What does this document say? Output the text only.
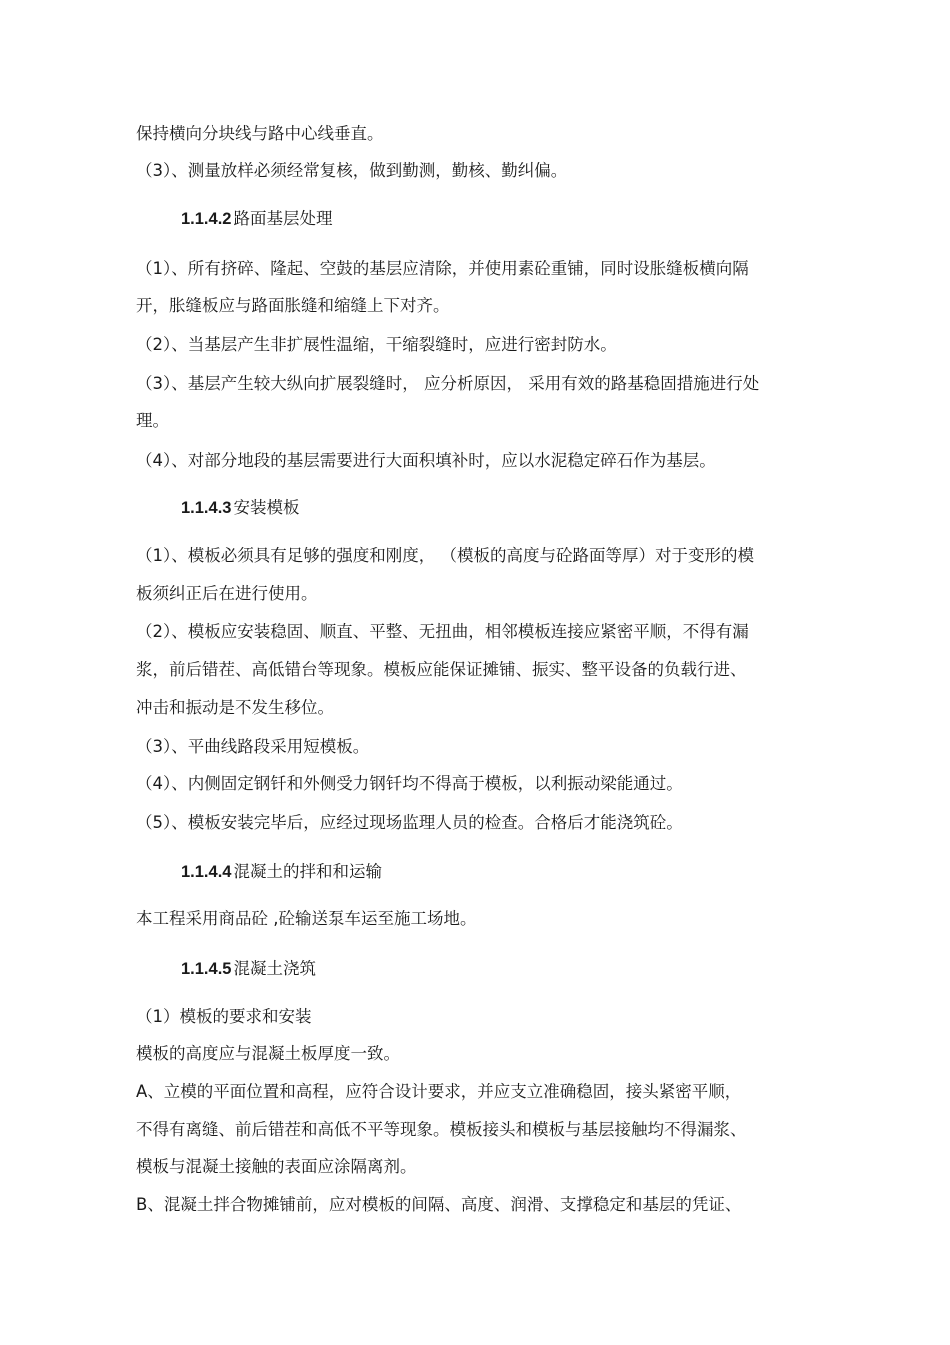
保持横向分块线与路中心线垂直。
（3）、测量放样必须经常复核，做到勤测，勤核、勤纠偏。
1.1.4.2 路面基层处理
（1）、所有挤碎、隆起、空鼓的基层应清除，并使用素砼重铺，同时设胀缝板横向隔
开，胀缝板应与路面胀缝和缩缝上下对齐。
（2）、当基层产生非扩展性温缩，干缩裂缝时，应进行密封防水。
（3）、基层产生较大纵向扩展裂缝时， 应分析原因， 采用有效的路基稳固措施进行处
理。
（4）、对部分地段的基层需要进行大面积填补时，应以水泥稳定碎石作为基层。
1.1.4.3 安装模板
（1）、模板必须具有足够的强度和刚度， （模板的高度与砼路面等厚）对于变形的模
板须纠正后在进行使用。
（2）、模板应安装稳固、顺直、平整、无扭曲，相邻模板连接应紧密平顺，不得有漏
浆，前后错茬、高低错台等现象。模板应能保证摊铺、振实、整平设备的负载行进、
冲击和振动是不发生移位。
（3）、平曲线路段采用短模板。
（4）、内侧固定钢钎和外侧受力钢钎均不得高于模板，以利振动梁能通过。
（5）、模板安装完毕后，应经过现场监理人员的检查。合格后才能浇筑砼。
1.1.4.4 混凝土的拌和和运输
本工程采用商品砼 ,砼输送泵车运至施工场地。
1.1.4.5 混凝土浇筑
（1）模板的要求和安装
模板的高度应与混凝土板厚度一致。
A、立模的平面位置和高程，应符合设计要求，并应支立准确稳固，接头紧密平顺，
不得有离缝、前后错茬和高低不平等现象。模板接头和模板与基层接触均不得漏浆、
模板与混凝土接触的表面应涂隔离剂。
B、混凝土拌合物摊铺前，应对模板的间隔、高度、润滑、支撑稳定和基层的凭证、
